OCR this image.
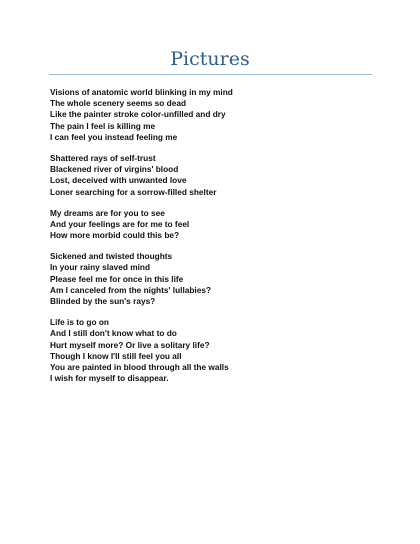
Pictures
Visions of anatomic world blinking in my mind
The whole scenery seems so dead
Like the painter stroke color-unfilled and dry
The pain I feel is killing me
I can feel you instead feeling me
Shattered rays of self-trust
Blackened river of virgins' blood
Lost, deceived with unwanted love
Loner searching for a sorrow-filled shelter
My dreams are for you to see
And your feelings are for me to feel
How more morbid could this be?
Sickened and twisted thoughts
In your rainy slaved mind
Please feel me for once in this life
Am I canceled from the nights' lullabies?
Blinded by the sun's rays?
Life is to go on
And I still don't know what to do
Hurt myself more? Or live a solitary life?
Though I know I'll still feel you all
You are painted in blood through all the walls
I wish for myself to disappear.
